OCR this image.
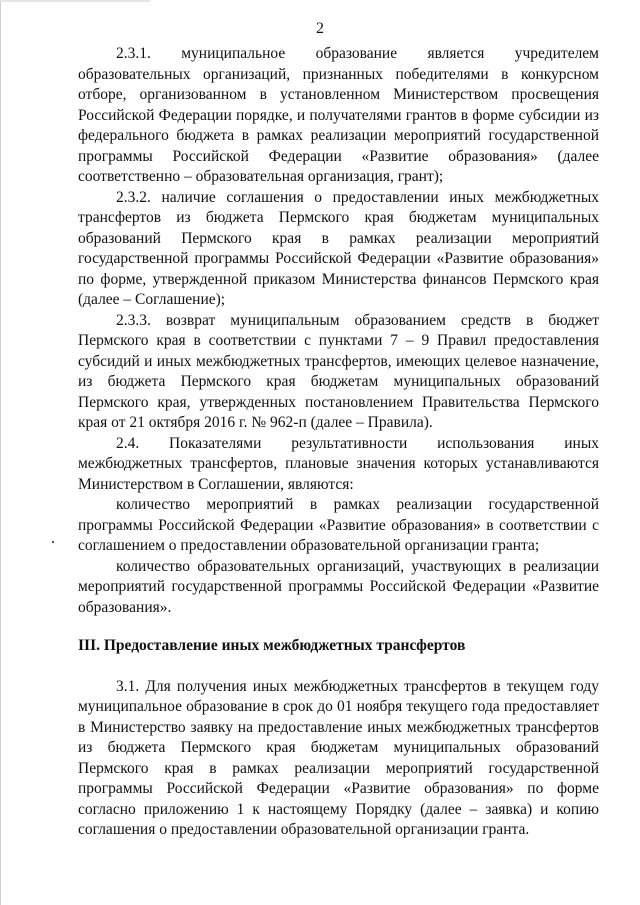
2

2.3.1. муниципальное образование является учредителем образовательных организаций, признанных победителями в конкурсном отборе, организованном в установленном Министерством просвещения Российской Федерации порядке, и получателями грантов в форме субсидии из федерального бюджета в рамках реализации мероприятий государственной программы Российской Федерации «Развитие образования» (далее соответственно – образовательная организация, грант);

2.3.2. наличие соглашения о предоставлении иных межбюджетных трансфертов из бюджета Пермского края бюджетам муниципальных образований Пермского края в рамках реализации мероприятий государственной программы Российской Федерации «Развитие образования» по форме, утвержденной приказом Министерства финансов Пермского края (далее – Соглашение);

2.3.3. возврат муниципальным образованием средств в бюджет Пермского края в соответствии с пунктами 7 – 9 Правил предоставления субсидий и иных межбюджетных трансфертов, имеющих целевое назначение, из бюджета Пермского края бюджетам муниципальных образований Пермского края, утвержденных постановлением Правительства Пермского края от 21 октября 2016 г. № 962-п (далее – Правила).

2.4. Показателями результативности использования иных межбюджетных трансфертов, плановые значения которых устанавливаются Министерством в Соглашении, являются:

количество мероприятий в рамках реализации государственной программы Российской Федерации «Развитие образования» в соответствии с соглашением о предоставлении образовательной организации гранта;

количество образовательных организаций, участвующих в реализации мероприятий государственной программы Российской Федерации «Развитие образования».

III. Предоставление иных межбюджетных трансфертов

3.1. Для получения иных межбюджетных трансфертов в текущем году муниципальное образование в срок до 01 ноября текущего года предоставляет в Министерство заявку на предоставление иных межбюджетных трансфертов из бюджета Пермского края бюджетам муниципальных образований Пермского края в рамках реализации мероприятий государственной программы Российской Федерации «Развитие образования» по форме согласно приложению 1 к настоящему Порядку (далее – заявка) и копию соглашения о предоставлении образовательной организации гранта.
